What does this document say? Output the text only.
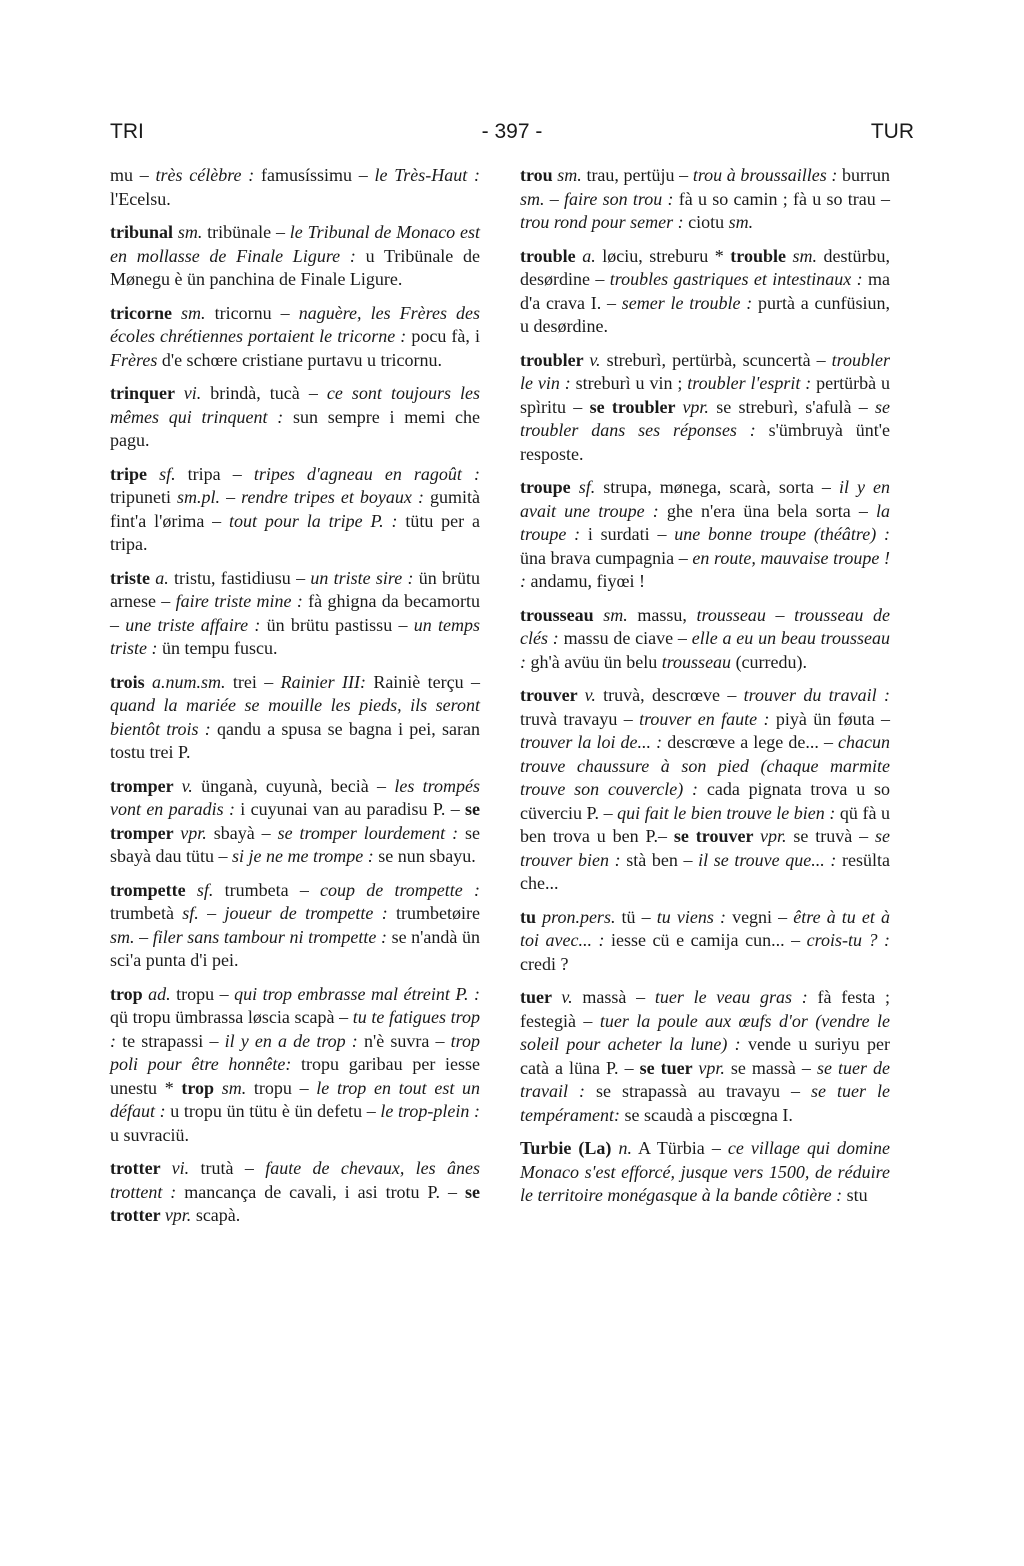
TRI	- 397 -	TUR

mu – très célèbre : famusíssimu – le Très-Haut : l'Ecelsu.

tribunal sm. tribünale – le Tribunal de Monaco est en mollasse de Finale Ligure : u Tribünale de Mønegu è ün panchina de Finale Ligure.

tricorne sm. tricornu – naguère, les Frères des écoles chrétiennes portaient le tricorne : pocu fà, i Frères d'e schœre cristiane purtavu u tricornu.

trinquer vi. brindà, tucà – ce sont toujours les mêmes qui trinquent : sun sempre i memi che pagu.

tripe sf. tripa – tripes d'agneau en ragoût : tripuneti sm.pl. – rendre tripes et boyaux : gumità fint'a l'ørima – tout pour la tripe P. : tütu per a tripa.

triste a. tristu, fastidiusu – un triste sire : ün brütu arnese – faire triste mine : fà ghigna da becamortu – une triste affaire : ün brütu pastissu – un temps triste : ün tempu fuscu.

trois a.num.sm. trei – Rainier III: Rainiè terçu – quand la mariée se mouille les pieds, ils seront bientôt trois : qandu a spusa se bagna i pei, saran tostu trei P.

tromper v. ünganà, cuyunà, becià – les trompés vont en paradis : i cuyunai van au paradisu P. – se tromper vpr. sbayà – se tromper lourdement : se sbayà dau tütu – si je ne me trompe : se nun sbayu.

trompette sf. trumbeta – coup de trompette : trumbetà sf. – joueur de trompette : trumbetøire sm. – filer sans tambour ni trompette : se n'andà ün sci'a punta d'i pei.

trop ad. tropu – qui trop embrasse mal étreint P. : qü tropu ümbrassa løscia scapà – tu te fatigues trop : te strapassi – il y en a de trop : n'è suvra – trop poli pour être honnête: tropu garibau per iesse unestu * trop sm. tropu – le trop en tout est un défaut : u tropu ün tütu è ün defetu – le trop-plein : u suvraciü.

trotter vi. trutà – faute de chevaux, les ânes trottent : mancança de cavali, i asi trotu P. – se trotter vpr. scapà.

trou sm. trau, pertüju – trou à broussailles : burrun sm. – faire son trou : fà u so camin ; fà u so trau – trou rond pour semer : ciotu sm.

trouble a. løciu, streburu * trouble sm. destürbu, desørdine – troubles gastriques et intestinaux : ma d'a crava I. – semer le trouble : purtà a cunfüsiun, u desørdine.

troubler v. streburì, pertürbà, scuncertà – troubler le vin : streburì u vin ; troubler l'esprit : pertürbà u spìritu – se troubler vpr. se streburì, s'afulà – se troubler dans ses réponses : s'ümbruyà ünt'e resposte.

troupe sf. strupa, mønega, scarà, sorta – il y en avait une troupe : ghe n'era üna bela sorta – la troupe : i surdati – une bonne troupe (théâtre) : üna brava cumpagnia – en route, mauvaise troupe ! : andamu, fiyœi !

trousseau sm. massu, trousseau – trousseau de clés : massu de ciave – elle a eu un beau trousseau : gh'à avüu ün belu trousseau (curredu).

trouver v. truvà, descrœve – trouver du travail : truvà travayu – trouver en faute : piyà ün føuta – trouver la loi de... : descrœve a lege de... – chacun trouve chaussure à son pied (chaque marmite trouve son couvercle) : cada pignata trova u so cüverciu P. – qui fait le bien trouve le bien : qü fà u ben trova u ben P.– se trouver vpr. se truvà – se trouver bien : stà ben – il se trouve que... : resülta che...

tu pron.pers. tü – tu viens : vegni – être à tu et à toi avec... : iesse cü e camija cun... – crois-tu ? : credi ?

tuer v. massà – tuer le veau gras : fà festa ; festegià – tuer la poule aux œufs d'or (vendre le soleil pour acheter la lune) : vende u suriyu per catà a lüna P. – se tuer vpr. se massà – se tuer de travail : se strapassà au travayu – se tuer le tempérament: se scaudà a piscœgna I.

Turbie (La) n. A Türbia – ce village qui domine Monaco s'est efforcé, jusque vers 1500, de réduire le territoire monégasque à la bande côtière : stu
